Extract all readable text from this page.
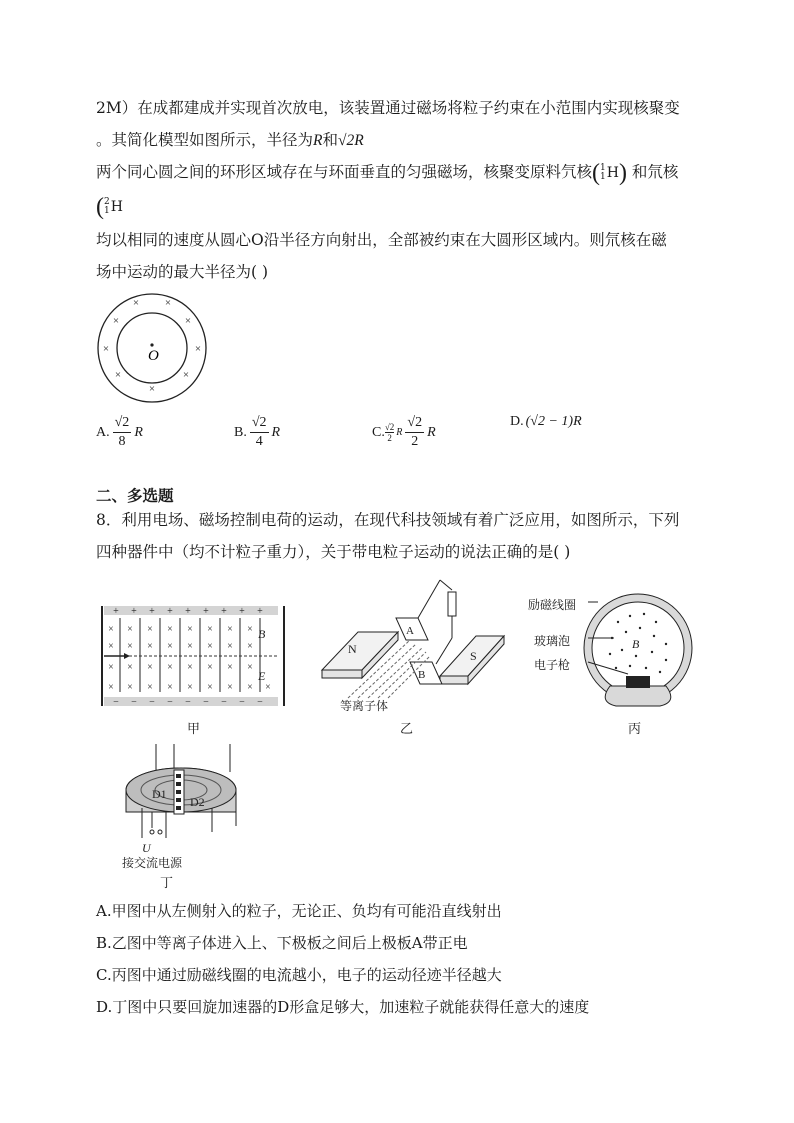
2M）在成都建成并实现首次放电，该装置通过磁场将粒子约束在小范围内实现核聚变
。其简化模型如图所示，半径为R和√2R
两个同心圆之间的环形区域存在与环面垂直的匀强磁场，核聚变原料氕核 ( 1
1 H ) 和氘核
( 2
1 H
均以相同的速度从圆心O沿半径方向射出，全部被约束在大圆形区域内。则氘核在磁
场中运动的最大半径为( )
× ×
×	×
×	×
×	×
×
O
A. $\frac{√2}{8}$ R	B. $\frac{√2}{4}$ R	C. $\frac{√2}{2}$ R $\frac{√2}{2}$ R
D. (√2 − 1)R
二、多选题
8．利用电场、磁场控制电荷的运动，在现代科技领域有着广泛应用，如图所示，下列
四种器件中（均不计粒子重力），关于带电粒子运动的说法正确的是( )
+ + + + + + + + +
− − − − − − − − −
× × × × × × × ×
× × × × × × × ×
× × × × × × × ×
× × × × × × × × ×
B
E
甲
N	S
A
B
等离子体
乙
B
励磁线圈
玻璃泡
电子枪
丙
D1
D2
U
接交流电源
丁
A.甲图中从左侧射入的粒子，无论正、负均有可能沿直线射出
B.乙图中等离子体进入上、下极板之间后上极板A带正电
C.丙图中通过励磁线圈的电流越小，电子的运动径迹半径越大
D.丁图中只要回旋加速器的D形盒足够大，加速粒子就能获得任意大的速度
